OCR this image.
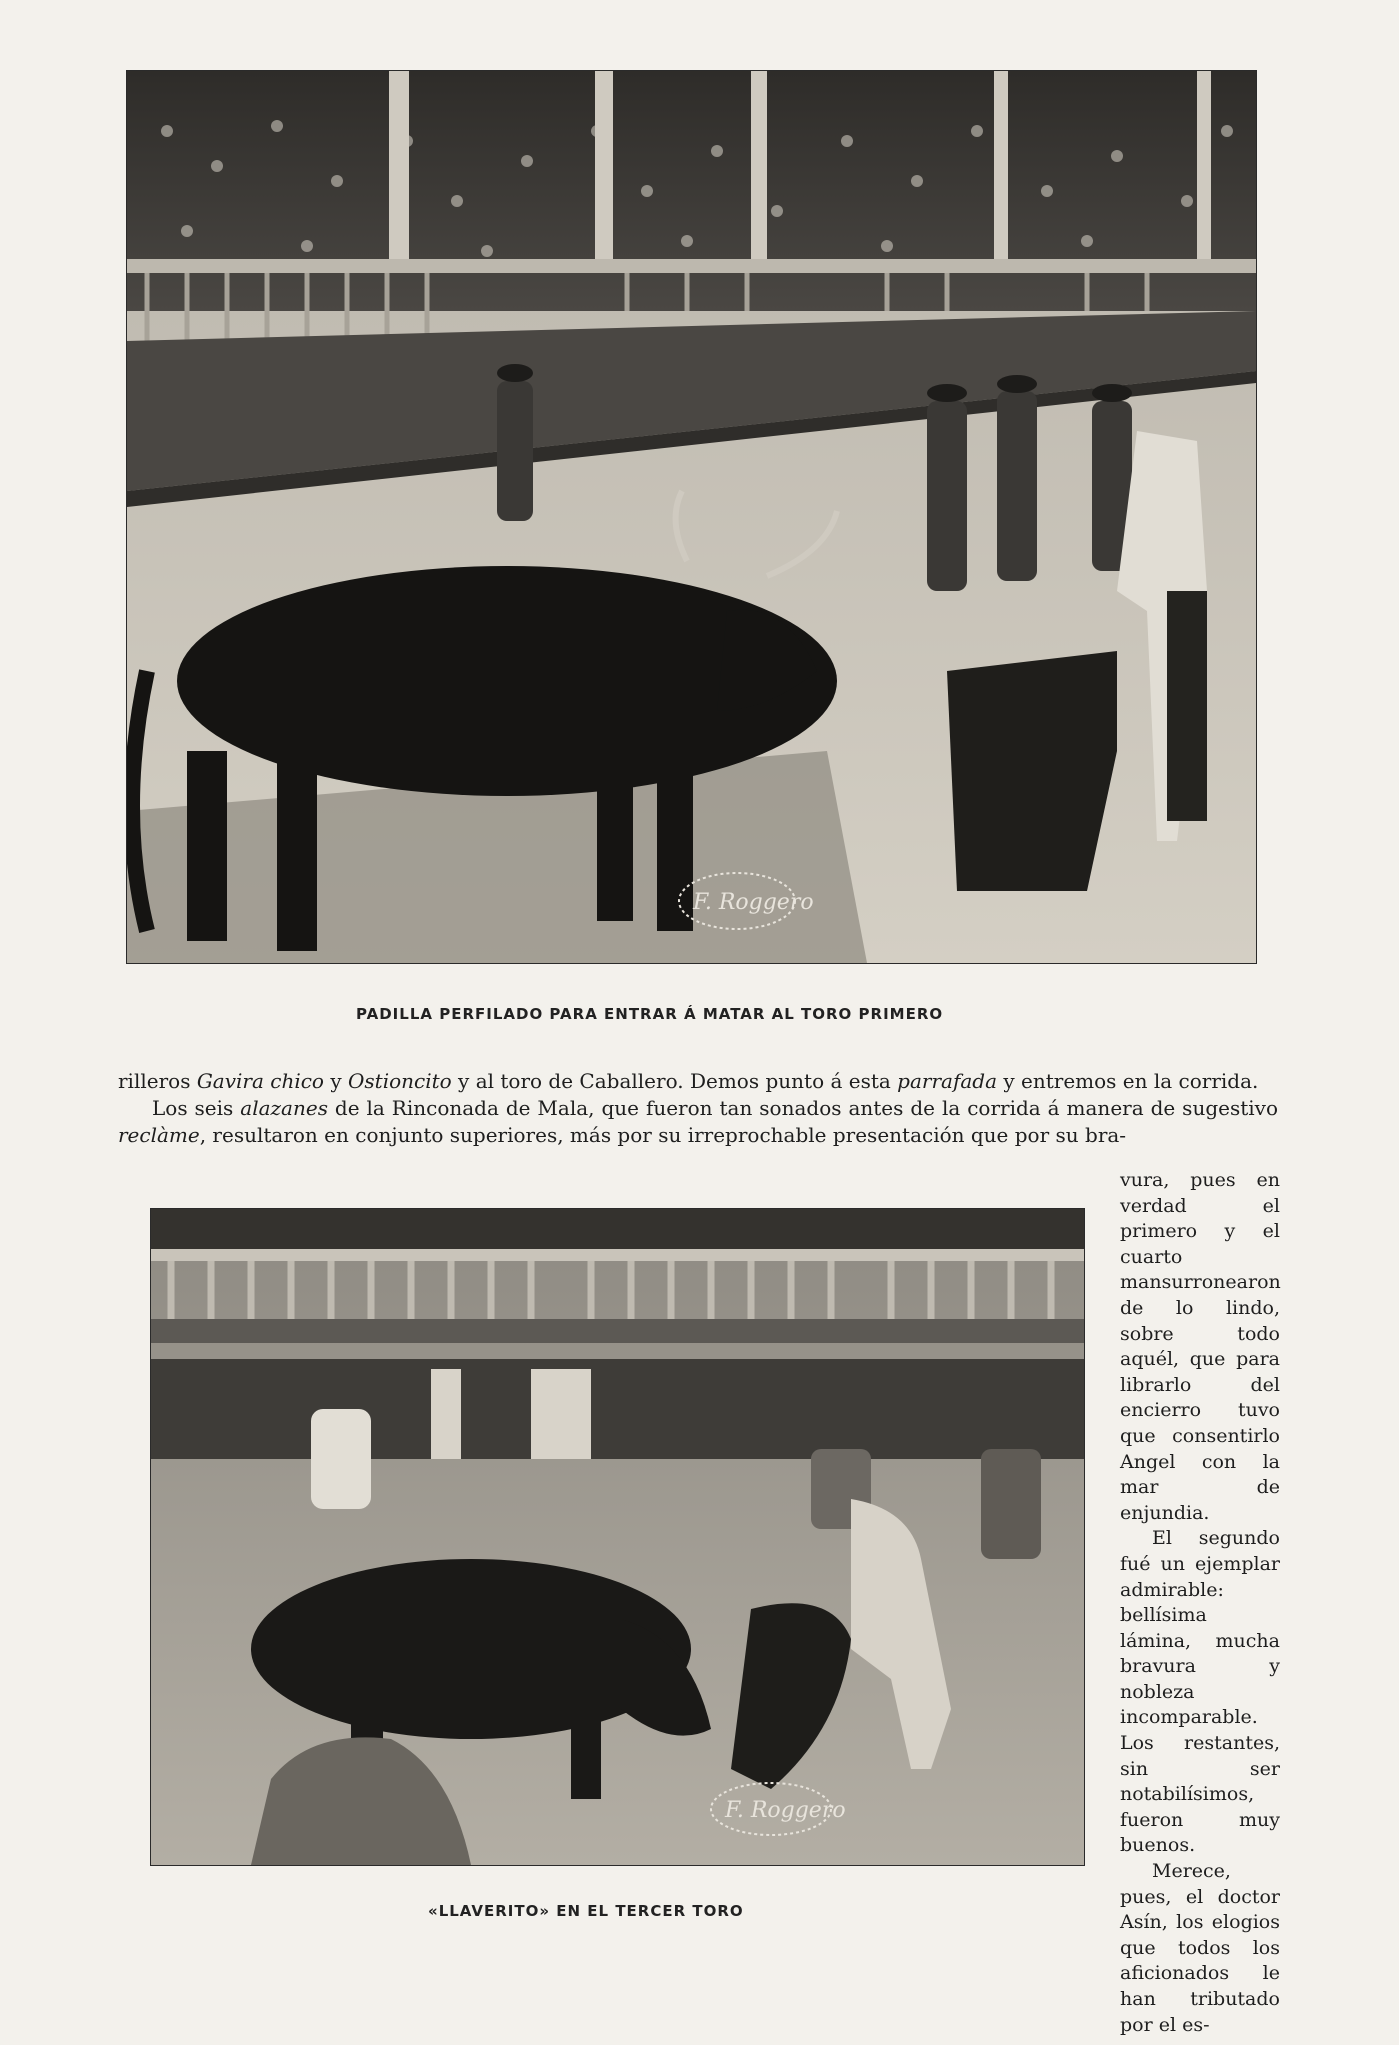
F. Roggero
PADILLA PERFILADO PARA ENTRAR Á MATAR AL TORO PRIMERO

rilleros Gavira chico y Ostioncito y al toro de Caballero. Demos punto á esta parrafada y entremos en la corrida.

Los seis alazanes de la Rinconada de Mala, que fueron tan sonados antes de la corrida á manera de sugestivo reclàme, resultaron en conjunto superiores, más por su irreprochable presentación que por su bra-

F. Roggero
«LLAVERITO» EN EL TERCER TORO

vura, pues en verdad el primero y el cuarto mansurronearon de lo lindo, sobre todo aquél, que para librarlo del encierro tuvo que consentirlo Angel con la mar de enjundia.

El segundo fué un ejemplar admirable: bellísima lámina, mucha bravura y nobleza incomparable. Los restantes, sin ser notabilísimos, fueron muy buenos.

Merece, pues, el doctor Asín, los elogios que todos los aficionados le han tributado por el es-
